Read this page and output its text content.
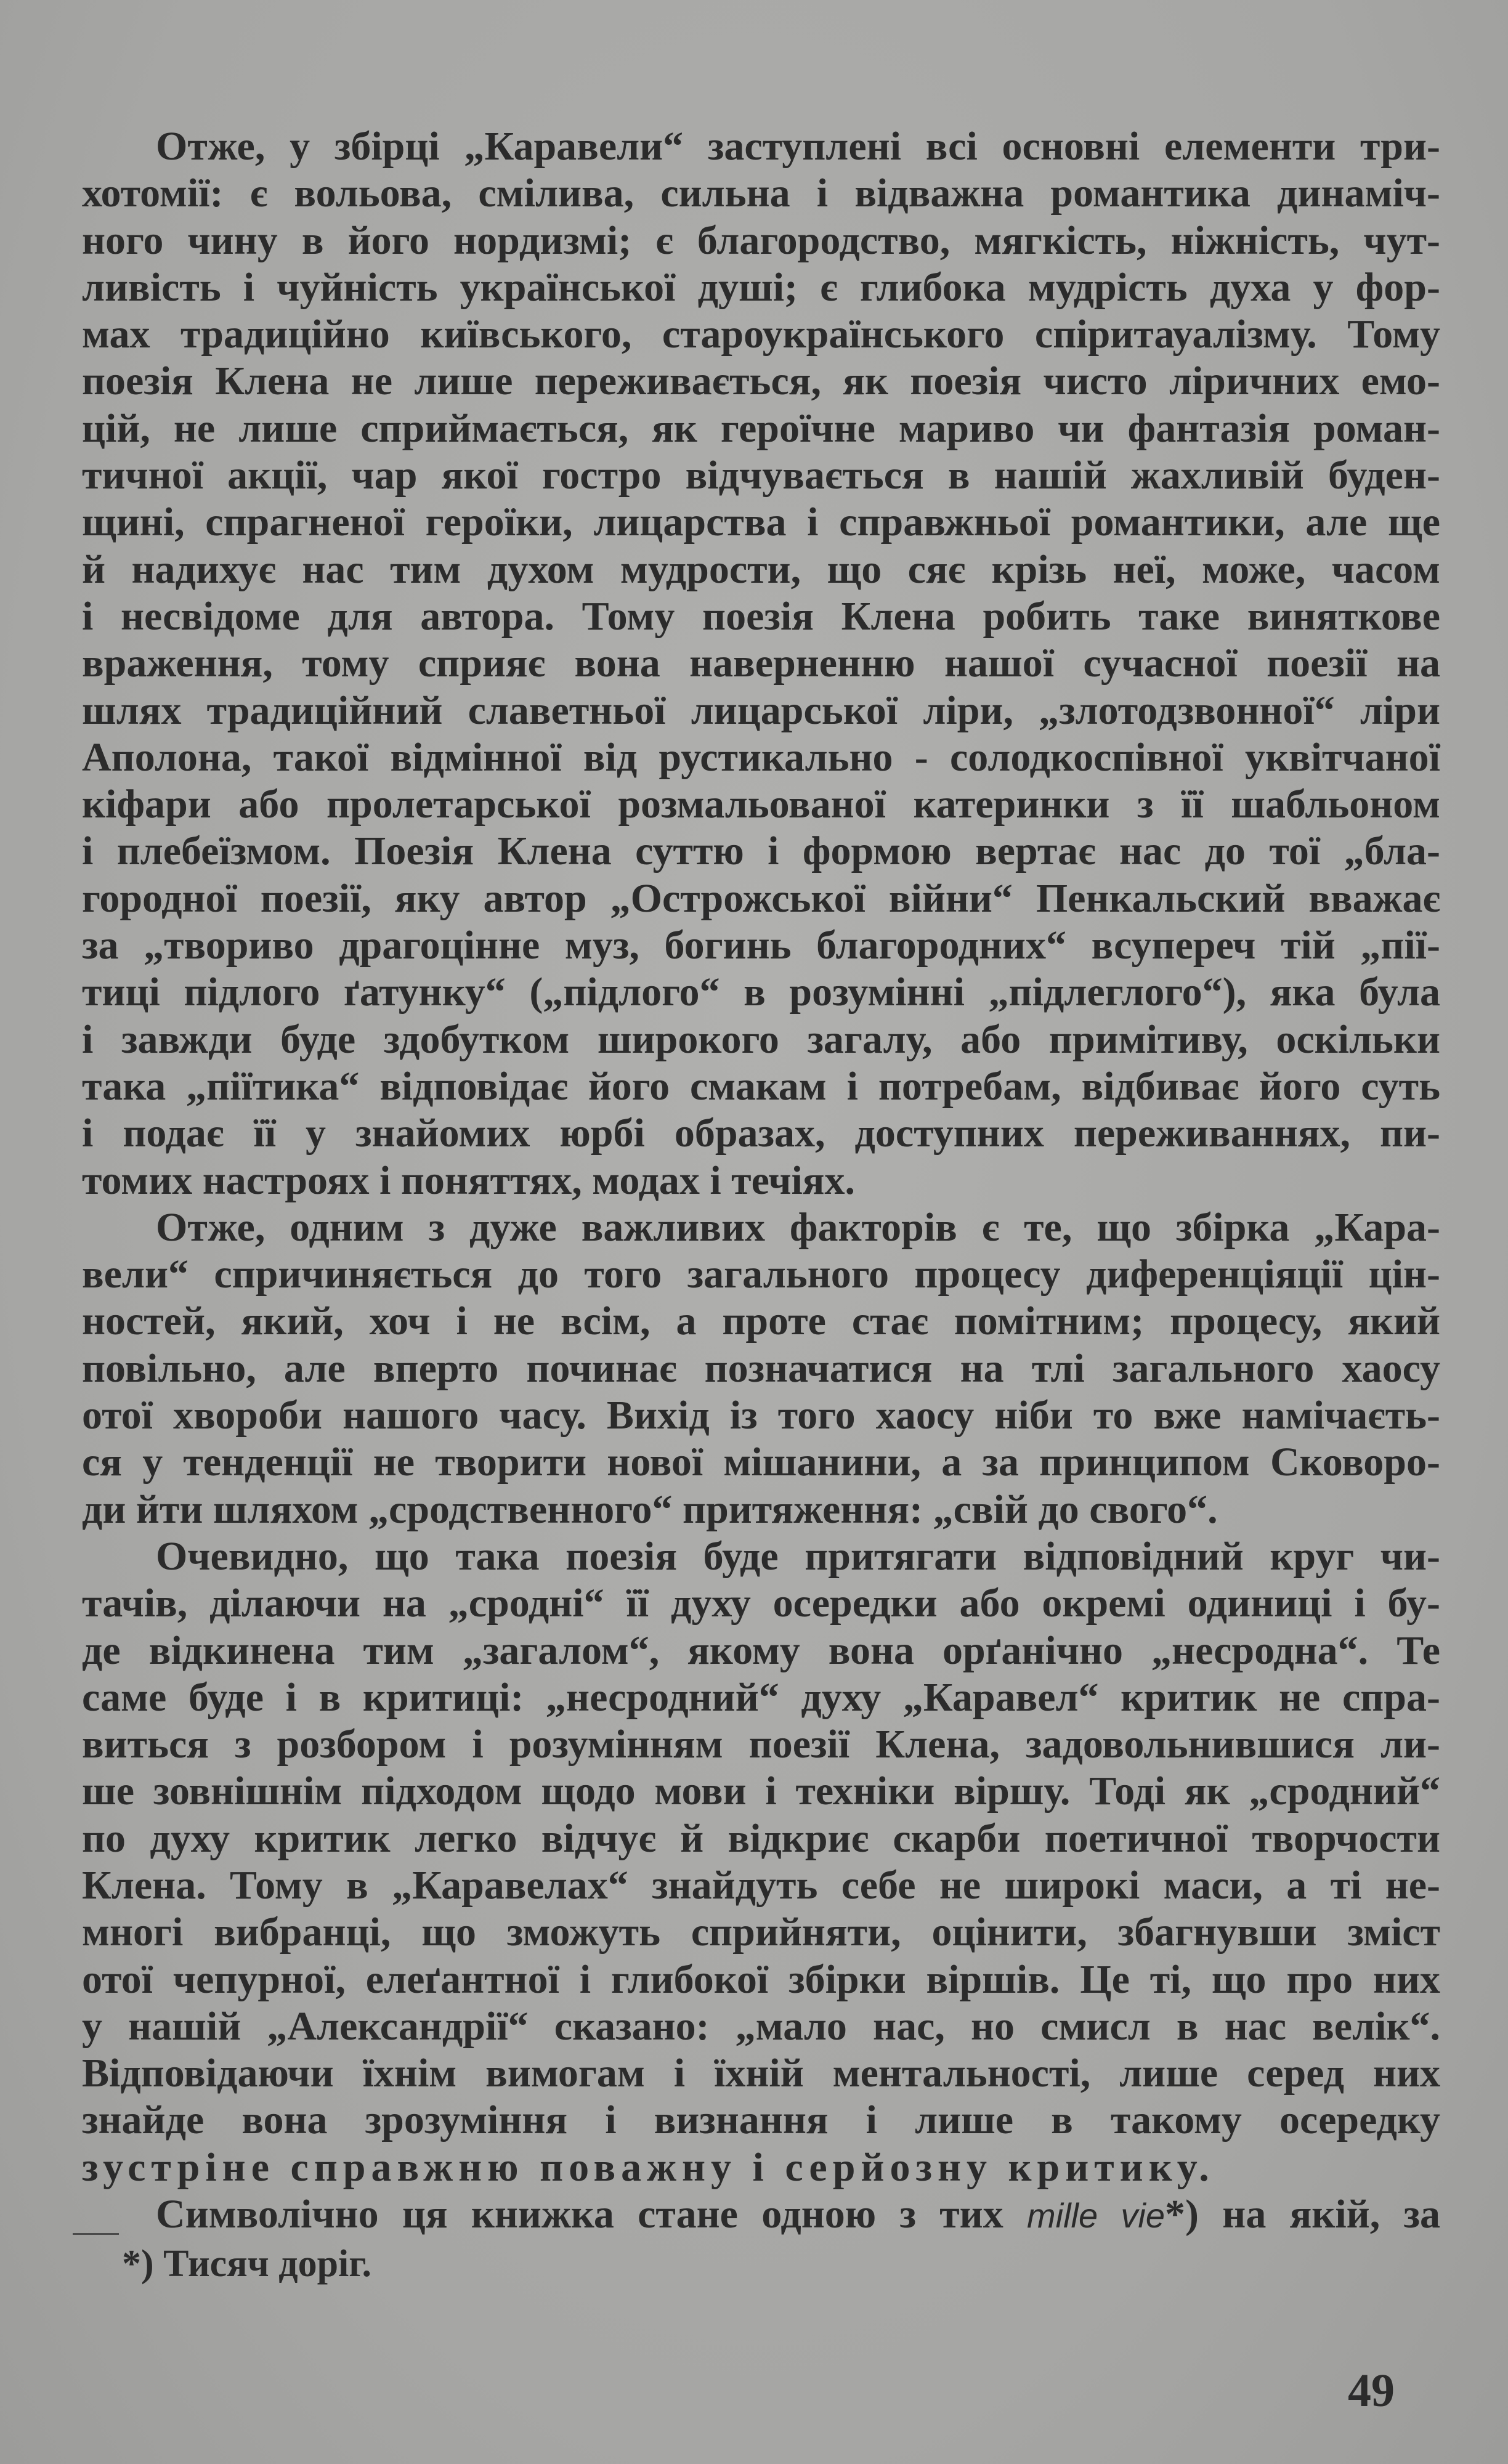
Отже, у збірці „Каравели“ заступлені всі основні елементи три-
хотомії: є вольова, смілива, сильна і відважна романтика динаміч-
ного чину в його нордизмі; є благородство, мягкість, ніжність, чут-
ливість і чуйність української душі; є глибока мудрість духа у фор-
мах традиційно київського, староукраїнського спіритауалізму. Тому
поезія Клена не лише переживається, як поезія чисто ліричних емо-
цій, не лише сприймається, як героїчне мариво чи фантазія роман-
тичної акції, чар якої гостро відчувається в нашій жахливій буден-
щині, спрагненої героїки, лицарства і справжньої романтики, але ще
й надихує нас тим духом мудрости, що сяє крізь неї, може, часом
і несвідоме для автора. Тому поезія Клена робить таке виняткове
враження, тому сприяє вона наверненню нашої сучасної поезії на
шлях традиційний славетньої лицарської ліри, „злотодзвонної“ ліри
Аполона, такої відмінної від рустикально - солодкоспівної уквітчаної
кіфари або пролетарської розмальованої катеринки з її шабльоном
і плебеїзмом. Поезія Клена суттю і формою вертає нас до тої „бла-
городної поезії, яку автор „Острожської війни“ Пенкальский вважає
за „твориво драгоцінне муз, богинь благородних“ всупереч тій „пії-
тиці підлого ґатунку“ („підлого“ в розумінні „підлеглого“), яка була
і завжди буде здобутком широкого загалу, або примітиву, оскільки
така „піїтика“ відповідає його смакам і потребам, відбиває його суть
і подає її у знайомих юрбі образах, доступних переживаннях, пи-
томих настроях і поняттях, модах і течіях.
Отже, одним з дуже важливих факторів є те, що збірка „Кара-
вели“ спричиняється до того загального процесу диференціяції цін-
ностей, який, хоч і не всім, а проте стає помітним; процесу, який
повільно, але вперто починає позначатися на тлі загального хаосу
отої хвороби нашого часу. Вихід із того хаосу ніби то вже намічаєть-
ся у тенденції не творити нової мішанини, а за принципом Сковоро-
ди йти шляхом „сродственного“ притяження: „свій до свого“.
Очевидно, що така поезія буде притягати відповідний круг чи-
тачів, ділаючи на „сродні“ її духу осередки або окремі одиниці і бу-
де відкинена тим „загалом“, якому вона орґанічно „несродна“. Те
саме буде і в критиці: „несродний“ духу „Каравел“ критик не спра-
виться з розбором і розумінням поезії Клена, задовольнившися ли-
ше зовнішнім підходом щодо мови і техніки віршу. Тоді як „сродний“
по духу критик легко відчує й відкриє скарби поетичної творчости
Клена. Тому в „Каравелах“ знайдуть себе не широкі маси, а ті не-
многі вибранці, що зможуть сприйняти, оцінити, збагнувши зміст
отої чепурної, елеґантної і глибокої збірки віршів. Це ті, що про них
у нашій „Александрії“ сказано: „мало нас, но смисл в нас велік“.
Відповідаючи їхнім вимогам і їхній ментальності, лише серед них
знайде вона зрозуміння і визнання і лише в такому осередку
зустріне справжню поважну і серйозну критику.
Символічно ця книжка стане одною з тих mille vie*) на якій, за
*) Тисяч доріг.
49
